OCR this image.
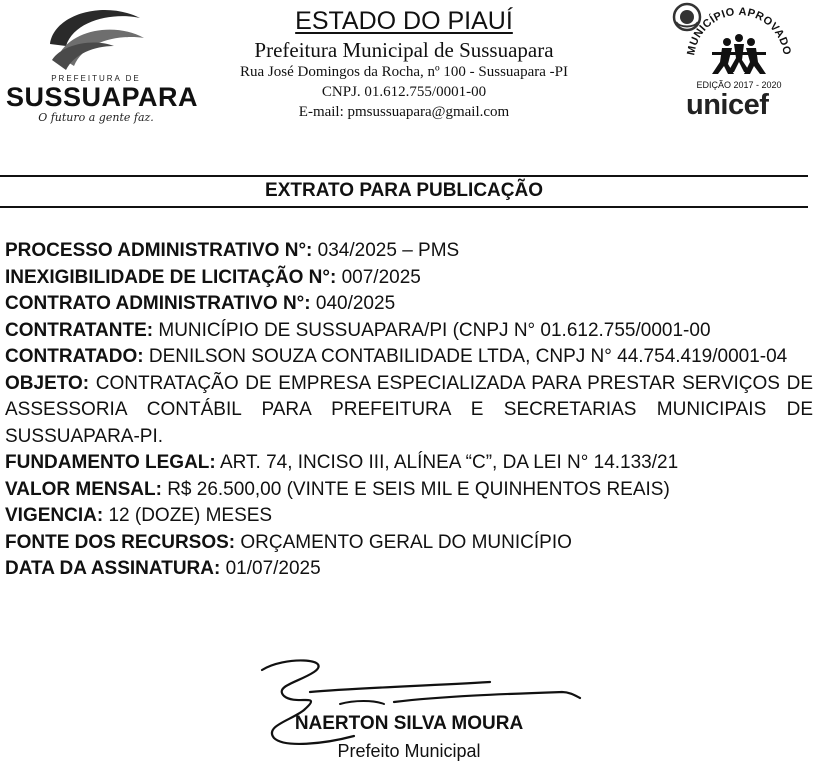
PREFEITURA DE
SUSSUAPARA
O futuro a gente faz.
ESTADO DO PIAUÍ
Prefeitura Municipal de Sussuapara
Rua José Domingos da Rocha, nº 100 - Sussuapara -PI
CNPJ. 01.612.755/0001-00
E-mail: pmsussuapara@gmail.com
MUNICÍPIO APROVADO
EDIÇÃO 2017 - 2020
unicef
EXTRATO PARA PUBLICAÇÃO

PROCESSO ADMINISTRATIVO N°: 034/2025 – PMS

INEXIGIBILIDADE DE LICITAÇÃO N°: 007/2025

CONTRATO ADMINISTRATIVO N°: 040/2025

CONTRATANTE: MUNICÍPIO DE SUSSUAPARA/PI (CNPJ N° 01.612.755/0001-00

CONTRATADO: DENILSON SOUZA CONTABILIDADE LTDA, CNPJ N° 44.754.419/0001-04

OBJETO: CONTRATAÇÃO DE EMPRESA ESPECIALIZADA PARA PRESTAR SERVIÇOS DE ASSESSORIA CONTÁBIL PARA PREFEITURA E SECRETARIAS MUNICIPAIS DE SUSSUAPARA-PI.

FUNDAMENTO LEGAL: ART. 74, INCISO III, ALÍNEA “C”, DA LEI N° 14.133/21

VALOR MENSAL: R$ 26.500,00 (VINTE E SEIS MIL E QUINHENTOS REAIS)

VIGENCIA: 12 (DOZE) MESES

FONTE DOS RECURSOS: ORÇAMENTO GERAL DO MUNICÍPIO

DATA DA ASSINATURA: 01/07/2025

NAERTON SILVA MOURA
Prefeito Municipal
